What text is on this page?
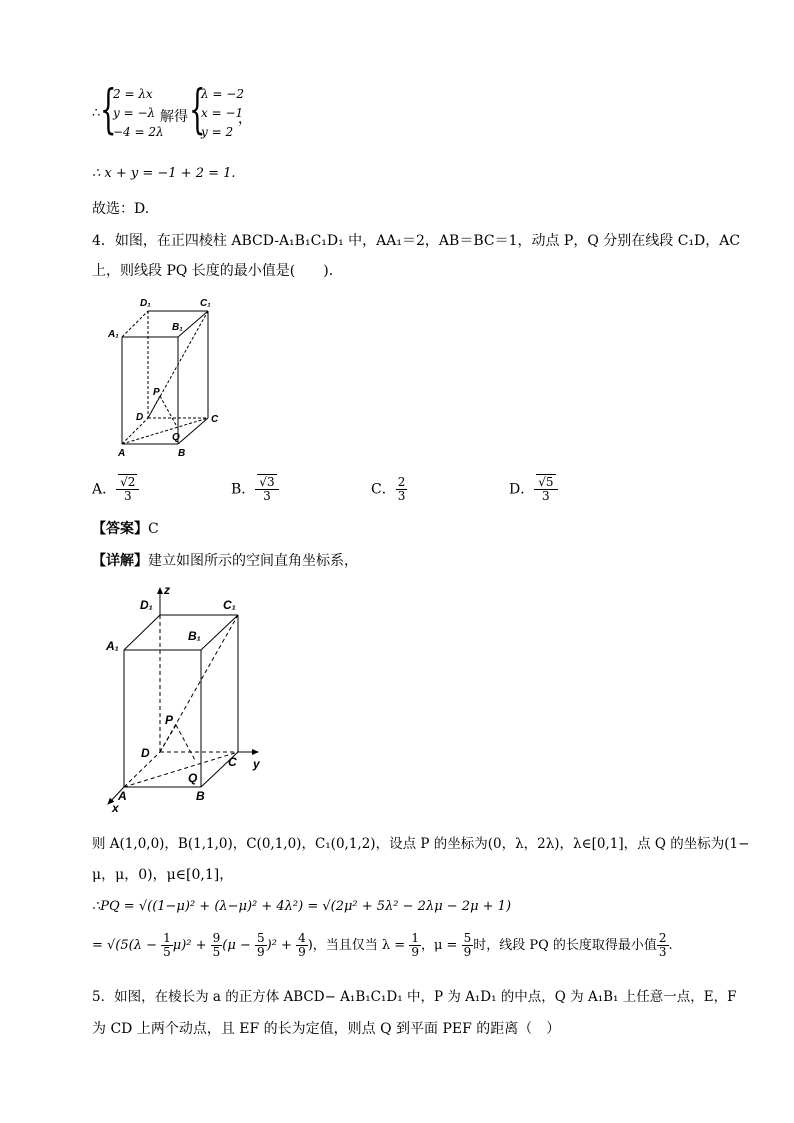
∴ {
2 = λx
y = −λ
−4 = 2λ
解得 {
λ = −2
x = −1
y = 2
，
∴ x + y = −1 + 2 = 1.
故选：D.
4．如图，在正四棱柱 ABCD-A₁B₁C₁D₁ 中，AA₁＝2，AB＝BC＝1，动点 P，Q 分别在线段 C₁D，AC
上，则线段 PQ 长度的最小值是(　　)．
D₁	C₁
A₁
B₁
P
D	C
Q
A	B
A． $\frac{√2}{3}$	B． $\frac{√3}{3}$	C． $\frac{2}{3}$	D． $\frac{√5}{3}$
【答案】C
【详解】建立如图所示的空间直角坐标系，
D₁
z
C₁
A₁
B₁
P
D
C y
Q
A	B
x
则 A(1,0,0)，B(1,1,0)，C(0,1,0)，C₁(0,1,2)，设点 P 的坐标为(0，λ，2λ)，λ∈[0,1]，点 Q 的坐标为(1−
μ，μ，0)，μ∈[0,1]，
∴PQ = √((1−μ)² + (λ−μ)² + 4λ²) = √(2μ² + 5λ² − 2λμ − 2μ + 1)
= $√(5(\lambda - \frac{1}{5} \mu)^2 + \frac{9}{5} (\mu - \frac{5}{9} )^2 + \frac{4}{9}$ )，当且仅当 $\lambda = \frac{1}{9}$ ，$\mu = \frac{5}{9}$ 时，线段 PQ 的长度取得最小值 $\frac{2}{3}$ .
5．如图，在棱长为 a 的正方体 ABCD− A₁B₁C₁D₁ 中，P 为 A₁D₁ 的中点，Q 为 A₁B₁ 上任意一点，E，F
为 CD 上两个动点，且 EF 的长为定值，则点 Q 到平面 PEF 的距离（　）
